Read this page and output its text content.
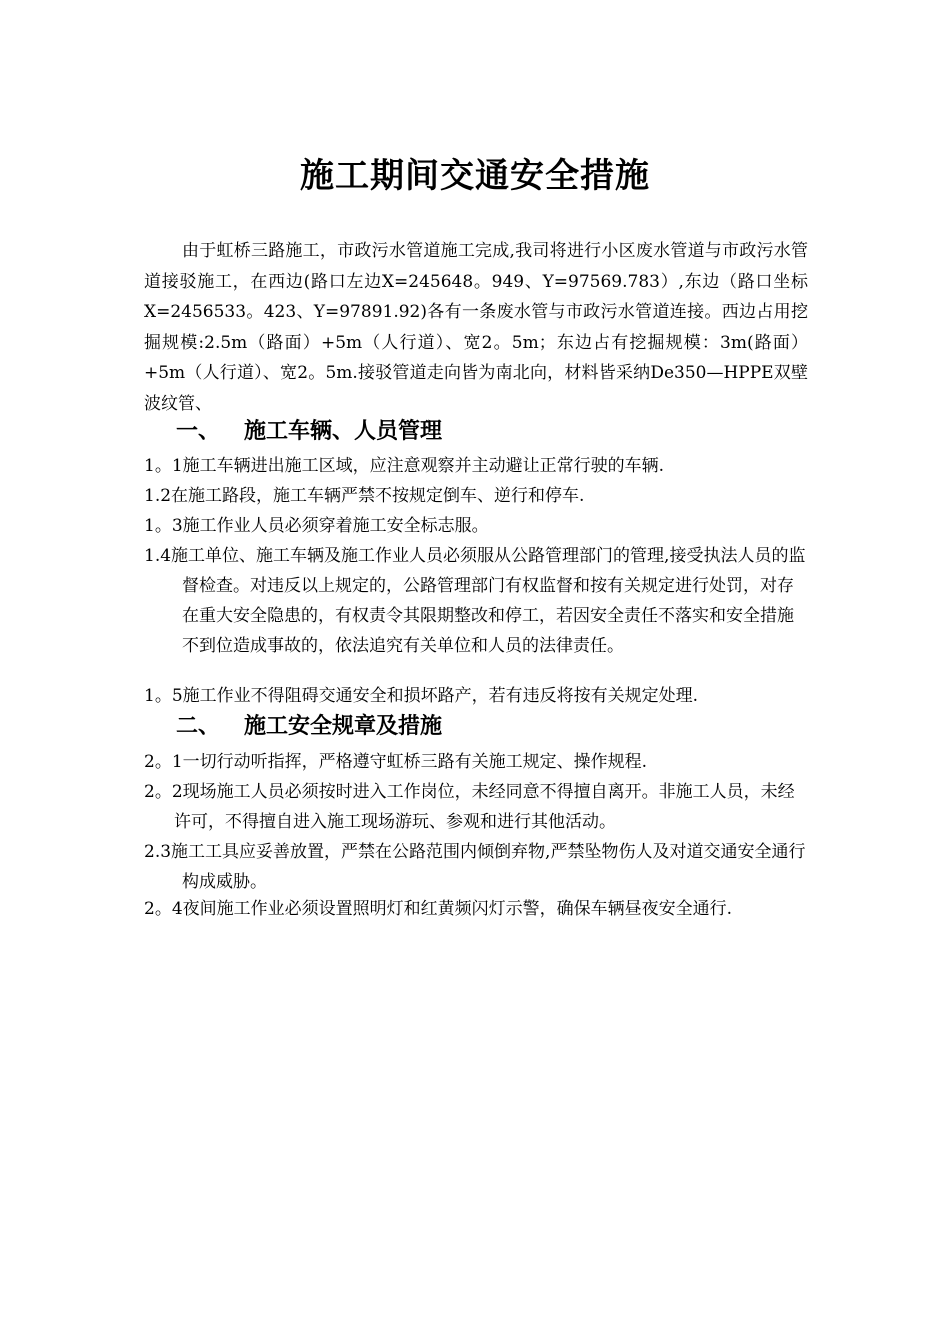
施工期间交通安全措施

由于虹桥三路施工，市政污水管道施工完成,我司将进行小区废水管道与市政污水管道接驳施工，在西边(路口左边X=245648。949、Y=97569.783）,东边（路口坐标X=2456533。423、Y=97891.92)各有一条废水管与市政污水管道连接。西边占用挖掘规模:2.5m（路面）+5m（人行道）、宽2。5m；东边占有挖掘规模：3m(路面）+5m（人行道）、宽2。5m.接驳管道走向皆为南北向，材料皆采纳De350—HPPE双壁波纹管、

一、 施工车辆、人员管理

1。1施工车辆进出施工区域，应注意观察并主动避让正常行驶的车辆.

1.2在施工路段，施工车辆严禁不按规定倒车、逆行和停车.

1。3施工作业人员必须穿着施工安全标志服。

1.4施工单位、施工车辆及施工作业人员必须服从公路管理部门的管理,接受执法人员的监督检查。对违反以上规定的，公路管理部门有权监督和按有关规定进行处罚，对存在重大安全隐患的，有权责令其限期整改和停工，若因安全责任不落实和安全措施不到位造成事故的，依法追究有关单位和人员的法律责任。

1。5施工作业不得阻碍交通安全和损坏路产，若有违反将按有关规定处理.

二、 施工安全规章及措施

2。1一切行动听指挥，严格遵守虹桥三路有关施工规定、操作规程.

2。2现场施工人员必须按时进入工作岗位，未经同意不得擅自离开。非施工人员，未经许可，不得擅自进入施工现场游玩、参观和进行其他活动。

2.3施工工具应妥善放置，严禁在公路范围内倾倒弃物,严禁坠物伤人及对道交通安全通行构成威胁。

2。4夜间施工作业必须设置照明灯和红黄频闪灯示警，确保车辆昼夜安全通行.
